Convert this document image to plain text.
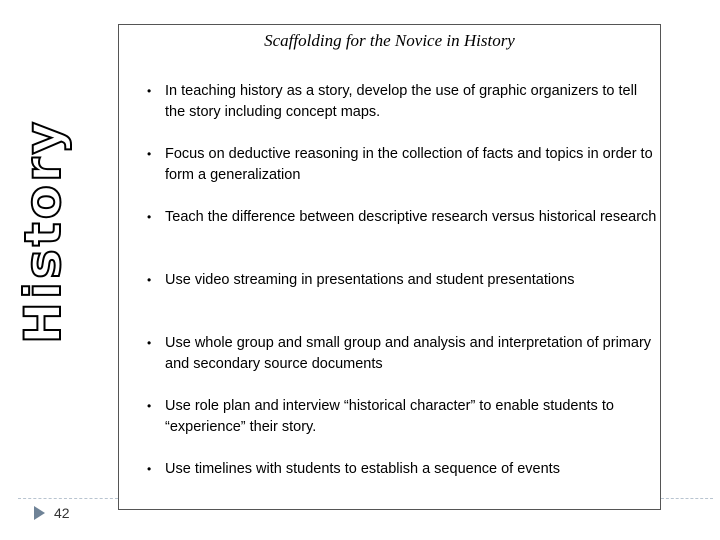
History
Scaffolding for the Novice in History
• In teaching history as a story, develop the use of graphic organizers to tell the story including concept maps.
• Focus on deductive reasoning in the collection of facts and topics in order to form a generalization
• Teach the difference between descriptive research versus historical research
• Use video streaming in presentations and student presentations
• Use whole group and small group and analysis and interpretation of primary and secondary source documents
• Use role plan and interview “historical character” to enable students to “experience” their story.
• Use timelines with students to establish a sequence of events
42
